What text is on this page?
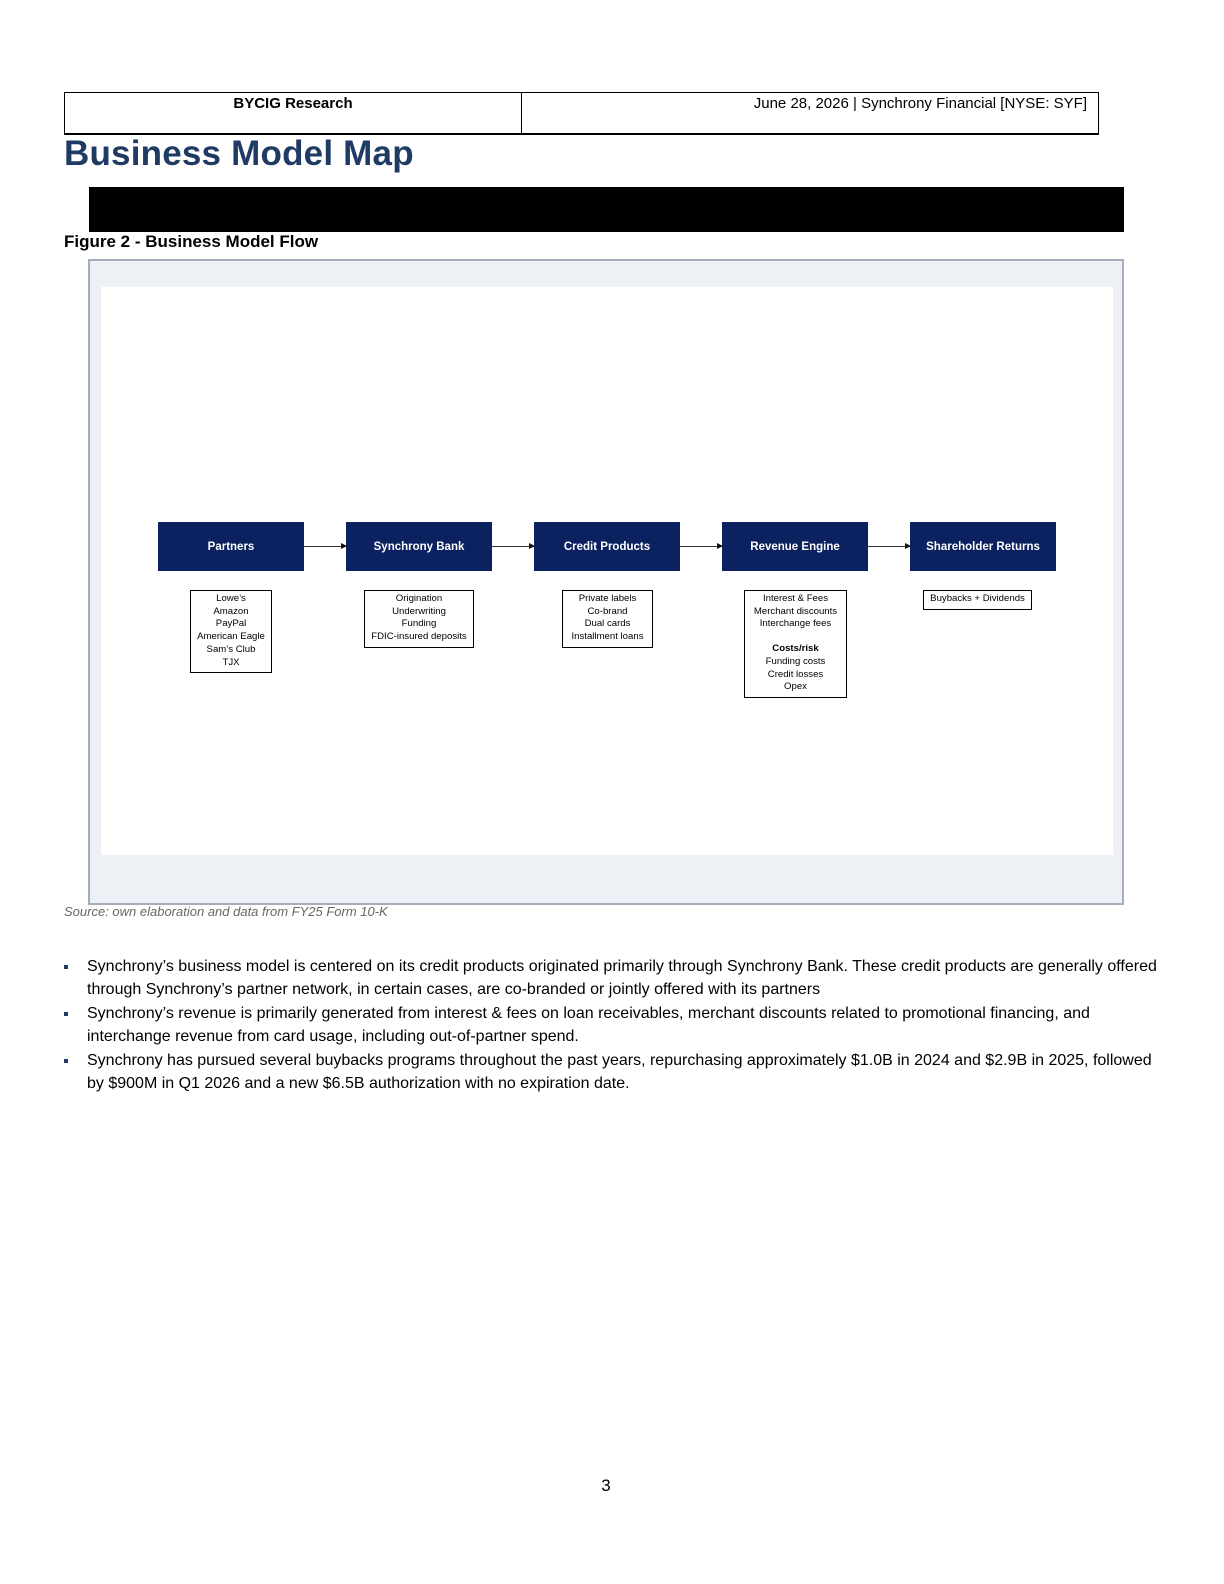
BYCIG Research	June 28, 2026 | Synchrony Financial [NYSE: SYF]
Business Model Map
Figure 2 - Business Model Flow
Partners	Synchrony Bank	Credit Products	Revenue Engine	Shareholder Returns
Lowe’s
Amazon
PayPal
American Eagle
Sam’s Club
TJX
Origination
Underwriting
Funding
FDIC-insured deposits
Private labels
Co-brand
Dual cards
Installment loans
Interest & Fees
Merchant discounts
Interchange fees
Costs/risk
Funding costs
Credit losses
Opex
Buybacks + Dividends
Source: own elaboration and data from FY25 Form 10-K
Synchrony’s business model is centered on its credit products originated primarily through Synchrony Bank. These credit products are generally offered through Synchrony’s partner network, in certain cases, are co-branded or jointly offered with its partners
Synchrony’s revenue is primarily generated from interest & fees on loan receivables, merchant discounts related to promotional financing, and interchange revenue from card usage, including out-of-partner spend.
Synchrony has pursued several buybacks programs throughout the past years, repurchasing approximately $1.0B in 2024 and $2.9B in 2025, followed by $900M in Q1 2026 and a new $6.5B authorization with no expiration date.
3
